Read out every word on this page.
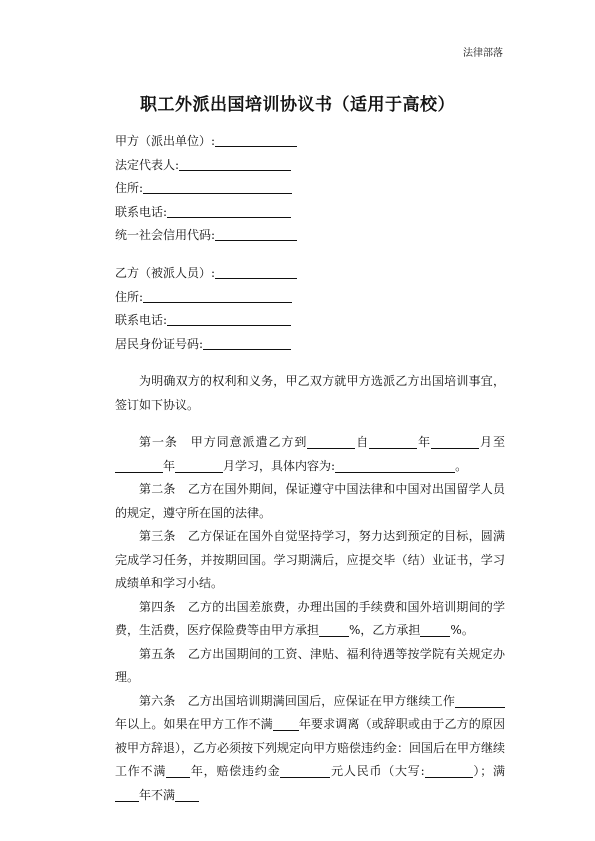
法律部落
职工外派出国培训协议书（适用于高校）
甲方（派出单位）:
法定代表人:
住所:
联系电话:
统一社会信用代码:
乙方（被派人员）:
住所:
联系电话:
居民身份证号码:

为明确双方的权利和义务，甲乙双方就甲方选派乙方出国培训事宜，签订如下协议。

第一条　甲方同意派遣乙方到	自	年	月至年	月学习，具体内容为:	。

第二条　乙方在国外期间，保证遵守中国法律和中国对出国留学人员的规定，遵守所在国的法律。

第三条　乙方保证在国外自觉坚持学习，努力达到预定的目标，圆满完成学习任务，并按期回国。学习期满后，应提交毕（结）业证书，学习成绩单和学习小结。

第四条　乙方的出国差旅费，办理出国的手续费和国外培训期间的学费，生活费，医疗保险费等由甲方承担	%，乙方承担	%。

第五条　乙方出国期间的工资、津贴、福利待遇等按学院有关规定办理。

第六条　乙方出国培训期满回国后，应保证在甲方继续工作年以上。如果在甲方工作不满 年要求调离（或辞职或由于乙方的原因被甲方辞退），乙方必须按下列规定向甲方赔偿违约金：回国后在甲方继续工作不满 年，赔偿违约金	元人民币（大写:	）；满年不满
